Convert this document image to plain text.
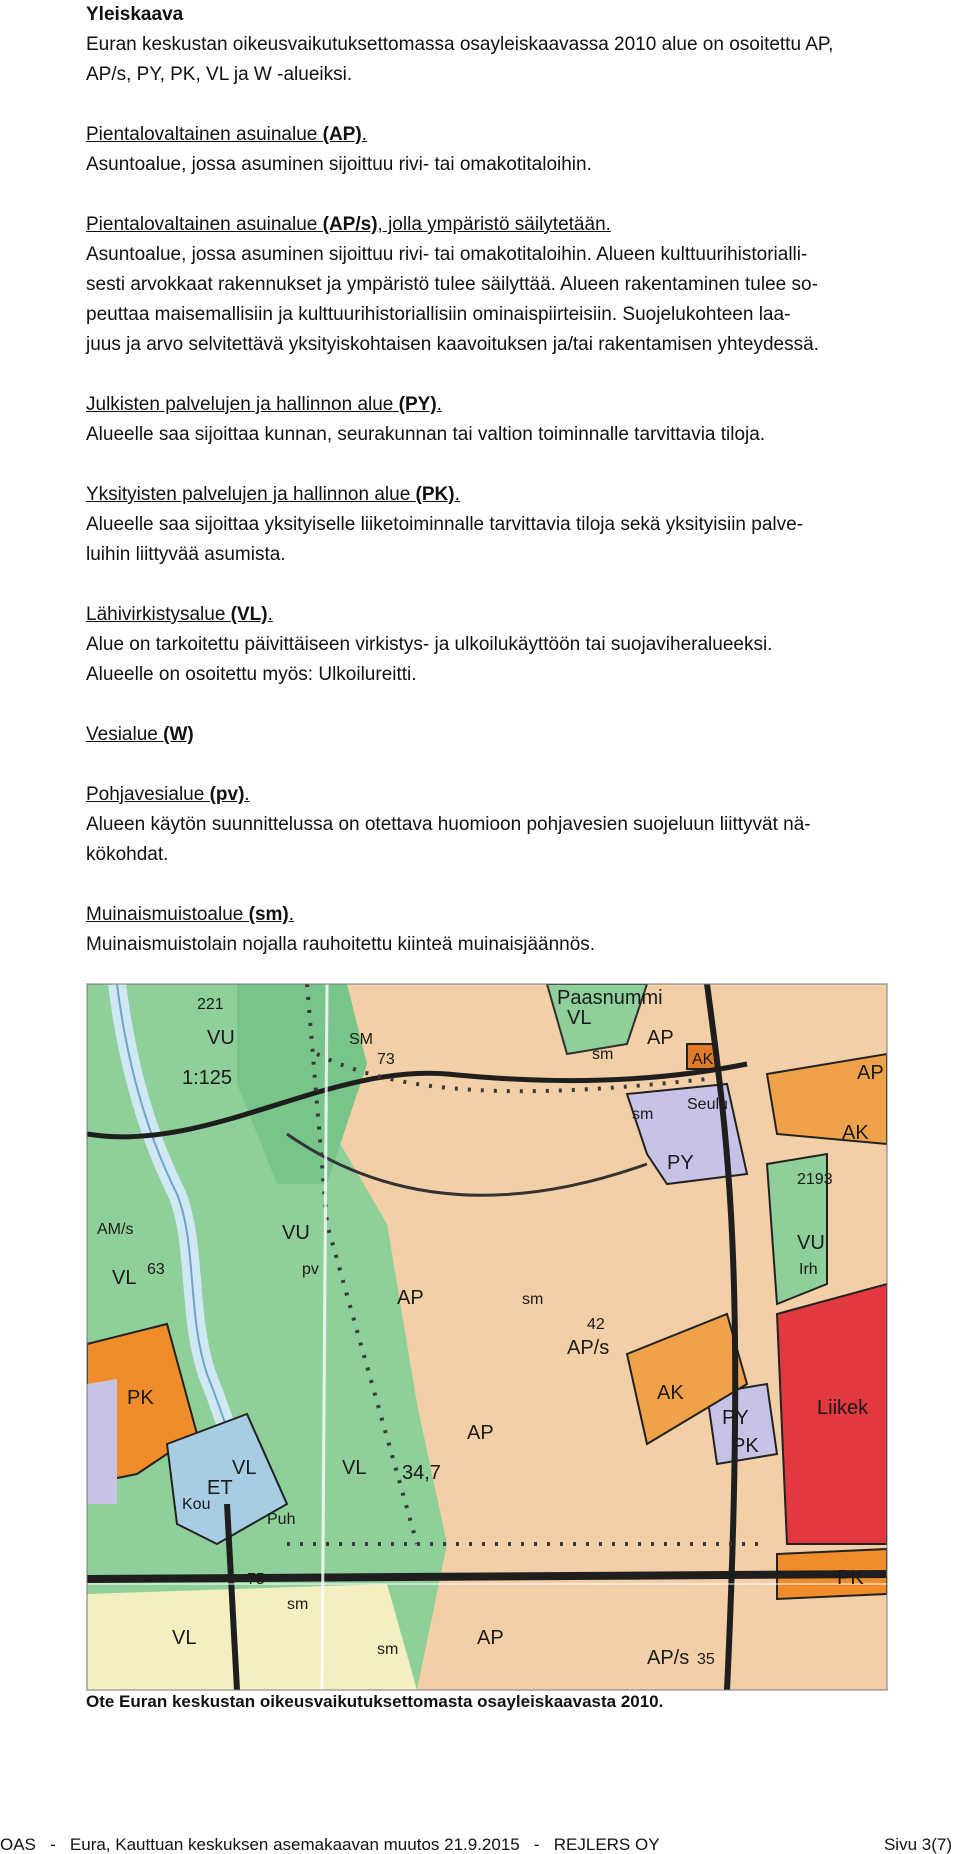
Yleiskaava

Euran keskustan oikeusvaikutuksettomassa osayleiskaavassa 2010 alue on osoitettu AP,

AP/s, PY, PK, VL ja W -alueiksi.

Pientalovaltainen asuinalue (AP).

Asuntoalue, jossa asuminen sijoittuu rivi- tai omakotitaloihin.

Pientalovaltainen asuinalue (AP/s), jolla ympäristö säilytetään.

Asuntoalue, jossa asuminen sijoittuu rivi- tai omakotitaloihin. Alueen kulttuurihistorialli-

sesti arvokkaat rakennukset ja ympäristö tulee säilyttää. Alueen rakentaminen tulee so-

peuttaa maisemallisiin ja kulttuurihistoriallisiin ominaispiirteisiin. Suojelukohteen laa-

juus ja arvo selvitettävä yksityiskohtaisen kaavoituksen ja/tai rakentamisen yhteydessä.

Julkisten palvelujen ja hallinnon alue (PY).

Alueelle saa sijoittaa kunnan, seurakunnan tai valtion toiminnalle tarvittavia tiloja.

Yksityisten palvelujen ja hallinnon alue (PK).

Alueelle saa sijoittaa yksityiselle liiketoiminnalle tarvittavia tiloja sekä yksityisiin palve-

luihin liittyvää asumista.

Lähivirkistysalue (VL).

Alue on tarkoitettu päivittäiseen virkistys- ja ulkoilukäyttöön tai suojaviheralueeksi.

Alueelle on osoitettu myös: Ulkoilureitti.

Vesialue (W)

Pohjavesialue (pv).

Alueen käytön suunnittelussa on otettava huomioon pohjavesien suojeluun liittyvät nä-

kökohdat.

Muinaismuistoalue (sm).

Muinaismuistolain nojalla rauhoitettu kiinteä muinaisjäännös.

VU
VU	VU
VL	VL
VL
VL
VL
AP
AP
AP
AP
AP
AP/s
AP/s
AM/s
AK
AK
AK
PY
PY
PK
PK
PK
ET
SM
sm
sm
sm
sm
sm
pv
1:125
221
73
63
42
34,7
75
2193
35
Paasnummi
Liikek
Kou
Puh
Irh
Seulu
Ote Euran keskustan oikeusvaikutuksettomasta osayleiskaavasta 2010.
OAS   -   Eura, Kauttuan keskuksen asemakaavan muutos 21.9.2015   -   REJLERS OY	Sivu 3(7)
